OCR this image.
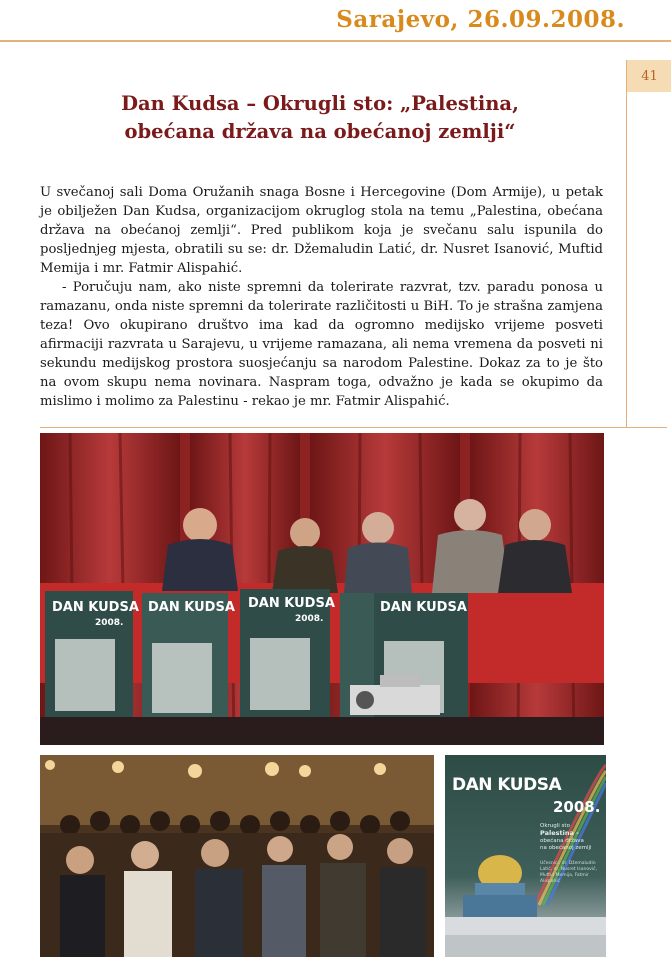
Sarajevo, 26.09.2008.
41
Dan Kudsa – Okrugli sto: „Palestina,
obećana država na obećanoj zemlji“

U svečanoj sali Doma Oružanih snaga Bosne i Hercegovine (Dom Armije), u petak je obilježen Dan Kudsa, organizacijom okruglog stola na temu „Palestina, obećana država na obećanoj zemlji“. Pred publikom koja je svečanu salu ispunila do posljednjeg mjesta, obratili su se: dr. Džemaludin Latić, dr. Nusret Isanović, Muftid Memija i mr. Fatmir Alispahić.

- Poručuju nam, ako niste spremni da tolerirate razvrat, tzv. paradu ponosa u ramazanu, onda niste spremni da tolerirate različitosti u BiH. To je strašna zamjena teza! Ovo okupirano društvo ima kad da ogromno medijsko vrijeme posveti afirmaciji razvrata u Sarajevu, u vrijeme ramazana, ali nema vremena da posveti ni sekundu medijskog prostora suosjećanju sa narodom Palestine. Dokaz za to je što na ovom skupu nema novinara. Naspram toga, odvažno je kada se okupimo da mislimo i molimo za Palestinu - rekao je mr. Fatmir Alispahić.

DAN KUDSA DAN KUDSA DAN KUDSA	DAN KUDSA
2008.	2008.
DAN KUDSA
2008.
Okrugli sto
Palestina -
obećana država
na obećanoj zemlji
Učesnici: dr. Džemaludin Latić, dr. Nusret Isanović, Muftid Memija, Fatmir Alispahić
